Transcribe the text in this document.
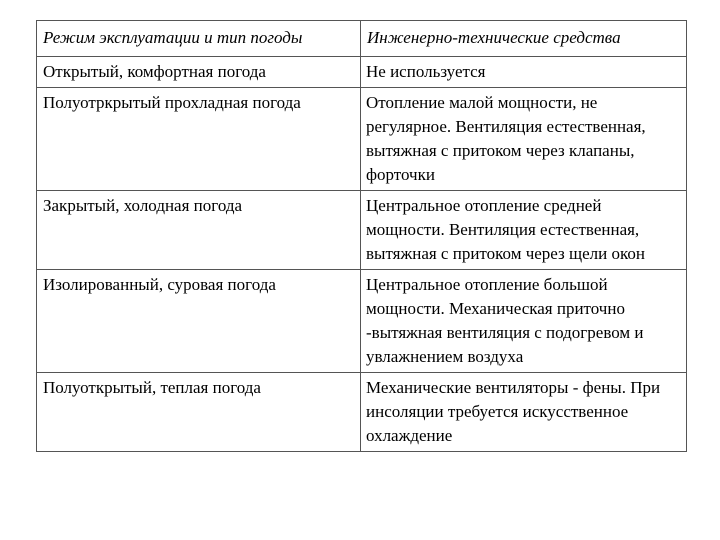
Режим эксплуатации и тип погоды	Инженерно-технические средства
Открытый, комфортная погода	Не используется
Полуотркрытый прохладная погода	Отопление малой мощности, не регулярное. Вентиляция естественная, вытяжная с притоком через клапаны, форточки
Закрытый, холодная погода	Центральное отопление средней мощности. Вентиляция естественная, вытяжная с притоком через щели окон
Изолированный, суровая погода	Центральное отопление большой мощности. Механическая приточно -вытяжная вентиляция с подогревом и увлажнением воздуха
Полуоткрытый, теплая погода	Механические вентиляторы - фены. При инсоляции требуется искусственное охлаждение
